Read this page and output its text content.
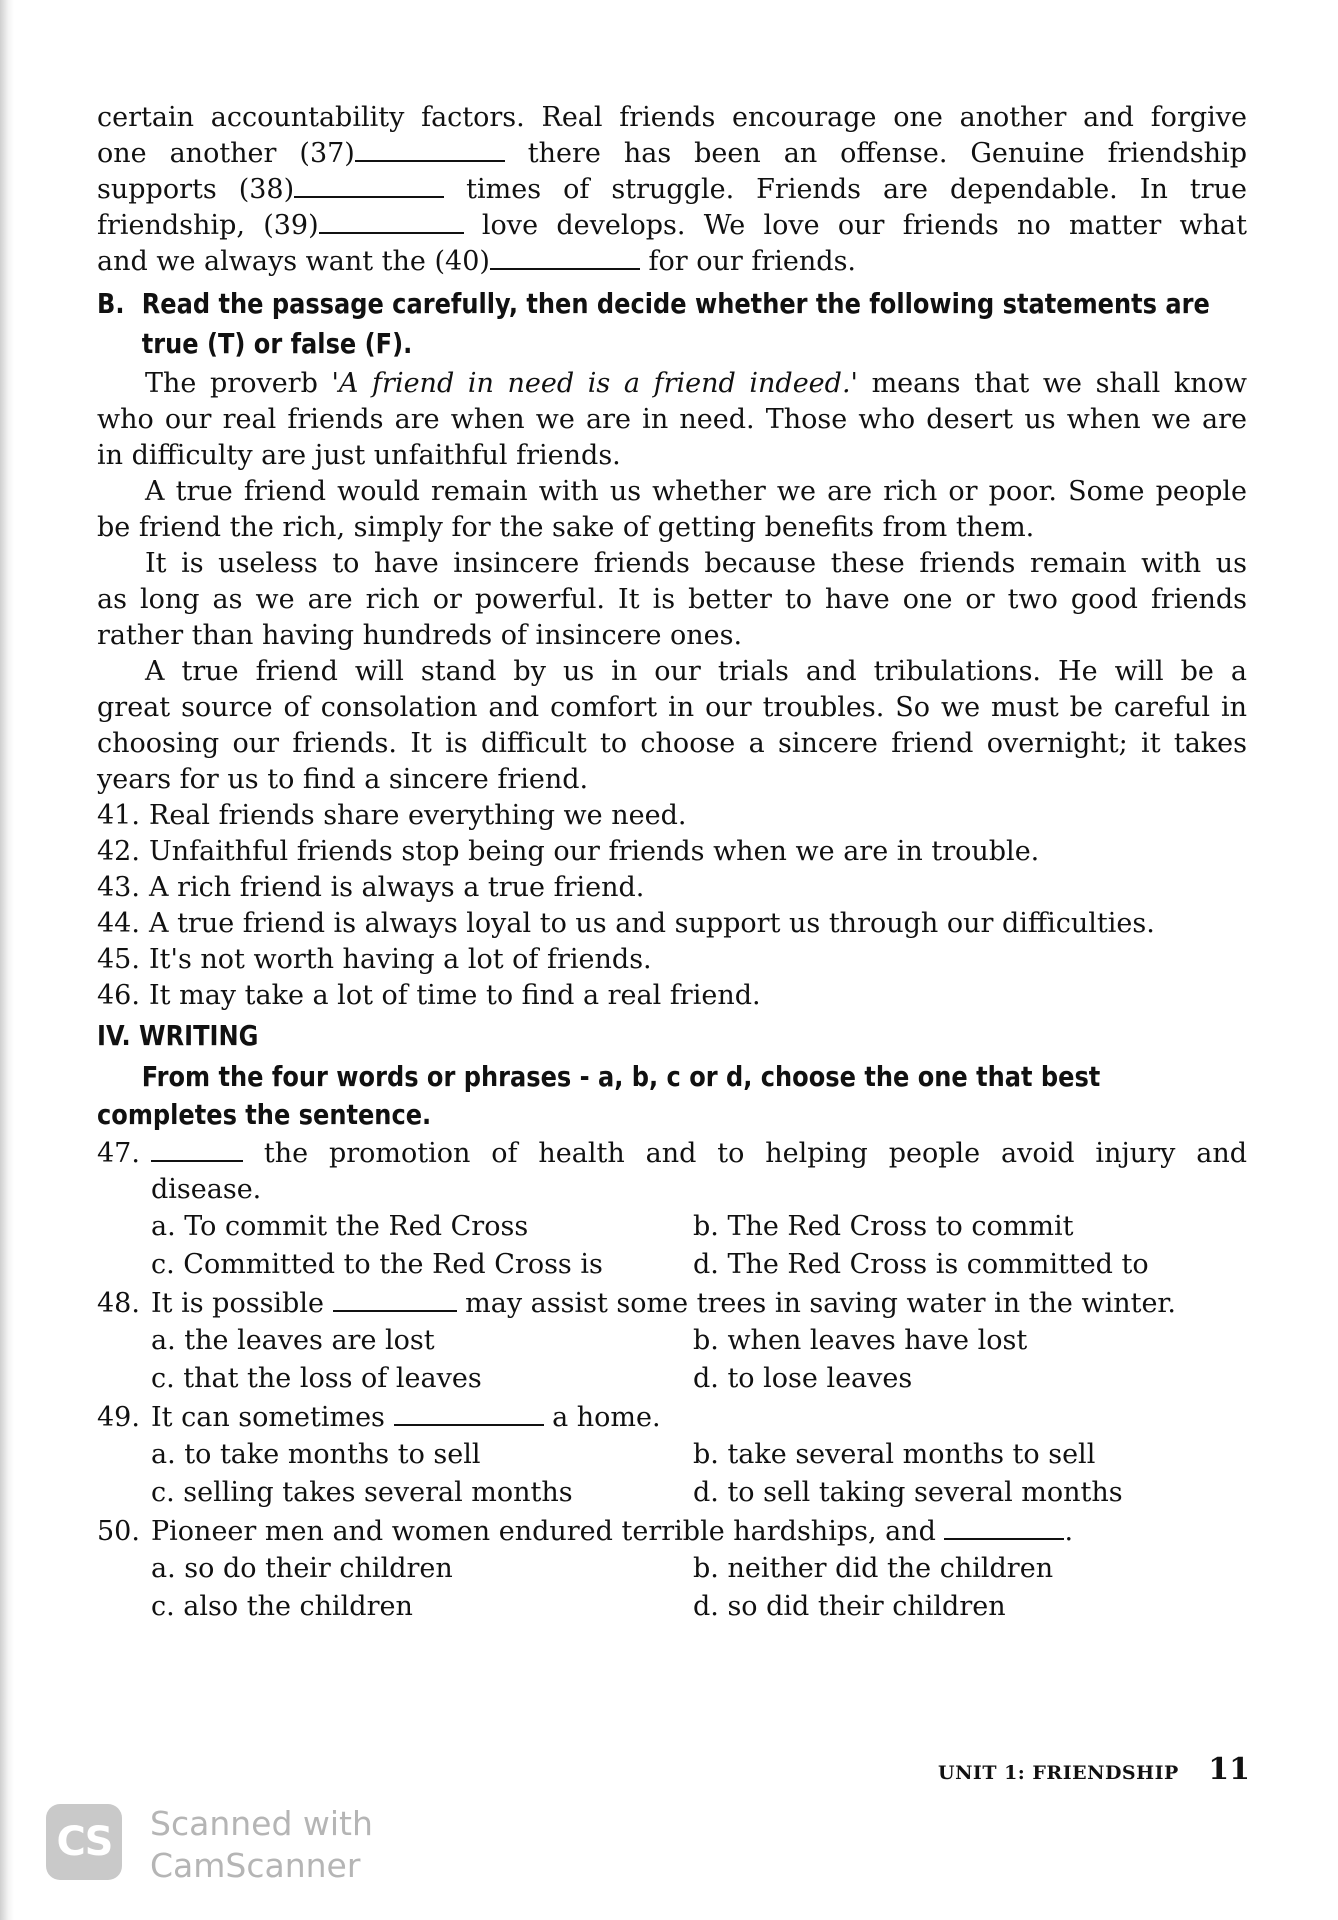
certain accountability factors. Real friends encourage one another and forgive
one another (37)	there has been an offense. Genuine friendship
supports (38)	times of struggle. Friends are dependable. In true
friendship, (39)	love develops. We love our friends no matter what
and we always want the (40)	for our friends.
B. Read the passage carefully, then decide whether the following statements are
true (T) or false (F).
The proverb 'A friend in need is a friend indeed.' means that we shall know
who our real friends are when we are in need. Those who desert us when we are
in difficulty are just unfaithful friends.
A true friend would remain with us whether we are rich or poor. Some people
be friend the rich, simply for the sake of getting benefits from them.
It is useless to have insincere friends because these friends remain with us
as long as we are rich or powerful. It is better to have one or two good friends
rather than having hundreds of insincere ones.
A true friend will stand by us in our trials and tribulations. He will be a
great source of consolation and comfort in our troubles. So we must be careful in
choosing our friends. It is difficult to choose a sincere friend overnight; it takes
years for us to find a sincere friend.
41. Real friends share everything we need.
42. Unfaithful friends stop being our friends when we are in trouble.
43. A rich friend is always a true friend.
44. A true friend is always loyal to us and support us through our difficulties.
45. It's not worth having a lot of friends.
46. It may take a lot of time to find a real friend.
IV. WRITING
From the four words or phrases - a, b, c or d, choose the one that best
completes the sentence.
47.	the promotion of health and to helping people avoid injury and
disease.
a. To commit the Red Cross	b. The Red Cross to commit
c. Committed to the Red Cross is	d. The Red Cross is committed to
48. It is possible	may assist some trees in saving water in the winter.
a. the leaves are lost	b. when leaves have lost
c. that the loss of leaves	d. to lose leaves
49. It can sometimes	a home.
a. to take months to sell	b. take several months to sell
c. selling takes several months	d. to sell taking several months
50. Pioneer men and women endured terrible hardships, and	.
a. so do their children	b. neither did the children
c. also the children	d. so did their children
UNIT 1: FRIENDSHIP 11
CS Scanned with
CamScanner
